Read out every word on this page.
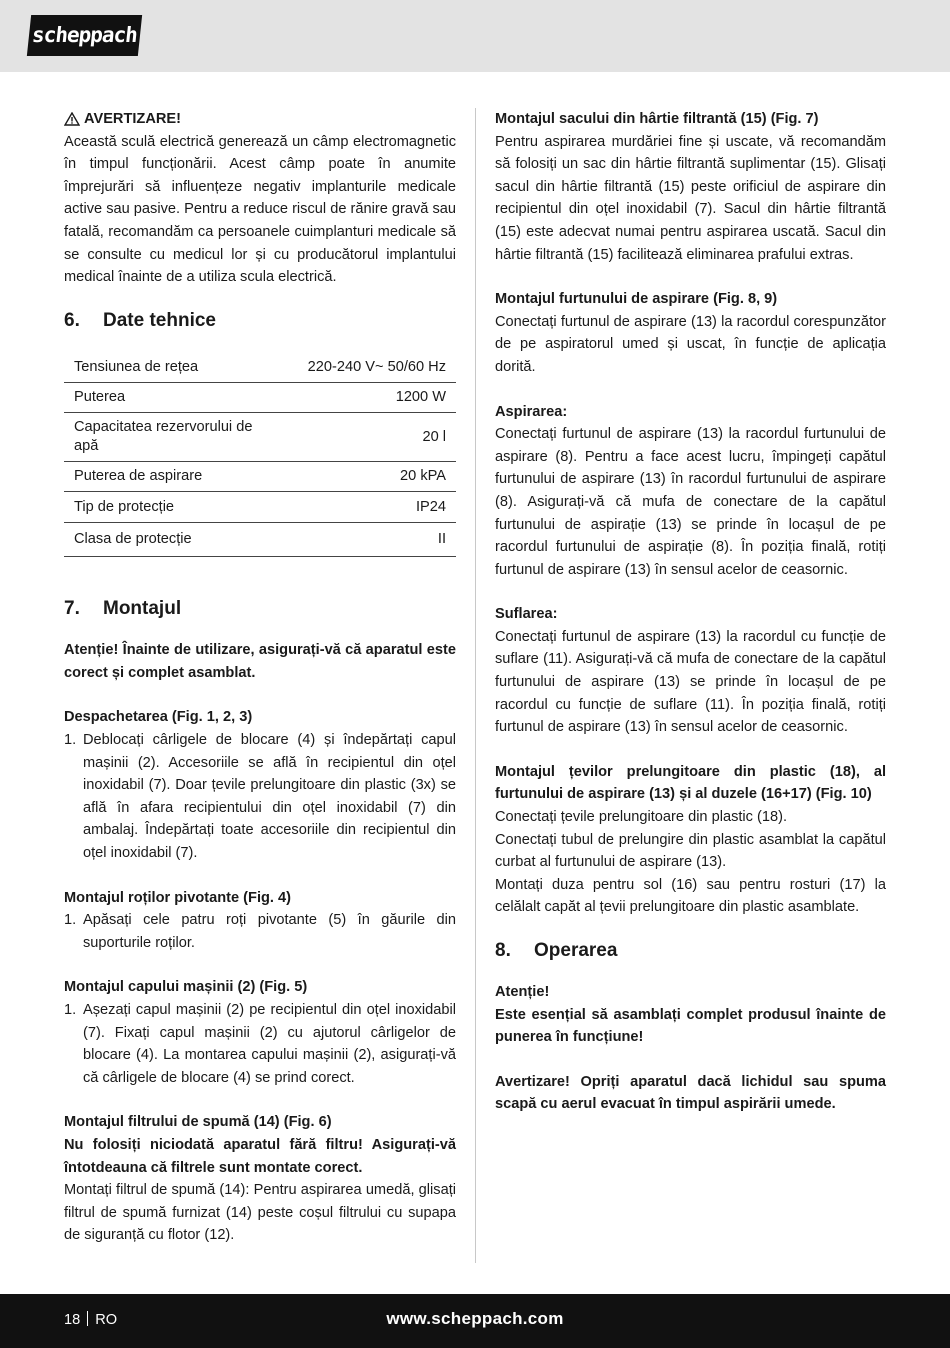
scheppach
AVERTIZARE!

Această sculă electrică generează un câmp electromagnetic în timpul funcționării. Acest câmp poate în anumite împrejurări să influențeze negativ implanturile medicale active sau pasive. Pentru a reduce riscul de rănire gravă sau fatală, recomandăm ca persoanele cuimplanturi medicale să se consulte cu medicul lor și cu producătorul implantului medical înainte de a utiliza scula electrică.

6.	Date tehnice
Tensiunea de rețea	220-240 V~ 50/60 Hz
Puterea	1200 W
Capacitatea rezervorului de apă	20 l
Puterea de aspirare	20 kPA
Tip de protecție	IP24
Clasa de protecție	II
7.	Montajul

Atenție! Înainte de utilizare, asigurați-vă că aparatul este corect și complet asamblat.

Despachetarea (Fig. 1, 2, 3)
1. Deblocați cârligele de blocare (4) și îndepărtați capul mașinii (2). Accesoriile se află în recipientul din oțel inoxidabil (7). Doar țevile prelungitoare din plastic (3x) se află în afara recipientului din oțel inoxidabil (7) din ambalaj. Îndepărtați toate accesoriile din recipientul din oțel inoxidabil (7).
Montajul roților pivotante (Fig. 4)
1. Apăsați cele patru roți pivotante (5) în găurile din suporturile roților.
Montajul capului mașinii (2) (Fig. 5)
1. Așezați capul mașinii (2) pe recipientul din oțel inoxidabil (7). Fixați capul mașinii (2) cu ajutorul cârligelor de blocare (4). La montarea capului mașinii (2), asigurați-vă că cârligele de blocare (4) se prind corect.
Montajul filtrului de spumă (14) (Fig. 6)

Nu folosiți niciodată aparatul fără filtru! Asigurați-vă întotdeauna că filtrele sunt montate corect.

Montați filtrul de spumă (14): Pentru aspirarea umedă, glisați filtrul de spumă furnizat (14) peste coșul filtrului cu supapa de siguranță cu flotor (12).

Montajul sacului din hârtie filtrantă (15) (Fig. 7)

Pentru aspirarea murdăriei fine și uscate, vă recomandăm să folosiți un sac din hârtie filtrantă suplimentar (15). Glisați sacul din hârtie filtrantă (15) peste orificiul de aspirare din recipientul din oțel inoxidabil (7). Sacul din hârtie filtrantă (15) este adecvat numai pentru aspirarea uscată. Sacul din hârtie filtrantă (15) facilitează eliminarea prafului extras.

Montajul furtunului de aspirare (Fig. 8, 9)

Conectați furtunul de aspirare (13) la racordul corespunzător de pe aspiratorul umed și uscat, în funcție de aplicația dorită.

Aspirarea:

Conectați furtunul de aspirare (13) la racordul furtunului de aspirare (8). Pentru a face acest lucru, împingeți capătul furtunului de aspirare (13) în racordul furtunului de aspirare (8). Asigurați-vă că mufa de conectare de la capătul furtunului de aspirație (13) se prinde în locașul de pe racordul furtunului de aspirație (8). În poziția finală, rotiți furtunul de aspirare (13) în sensul acelor de ceasornic.

Suflarea:

Conectați furtunul de aspirare (13) la racordul cu funcție de suflare (11). Asigurați-vă că mufa de conectare de la capătul furtunului de aspirare (13) se prinde în locașul de pe racordul cu funcție de suflare (11). În poziția finală, rotiți furtunul de aspirare (13) în sensul acelor de ceasornic.

Montajul țevilor prelungitoare din plastic (18), al furtunului de aspirare (13) și al duzele (16+17) (Fig. 10)

Conectați țevile prelungitoare din plastic (18).

Conectați tubul de prelungire din plastic asamblat la capătul curbat al furtunului de aspirare (13).

Montați duza pentru sol (16) sau pentru rosturi (17) la celălalt capăt al țevii prelungitoare din plastic asamblate.

8.	Operarea
Atenție!

Este esențial să asamblați complet produsul înainte de punerea în funcțiune!

Avertizare! Opriți aparatul dacă lichidul sau spuma scapă cu aerul evacuat în timpul aspirării umede.

18 RO	www.scheppach.com
